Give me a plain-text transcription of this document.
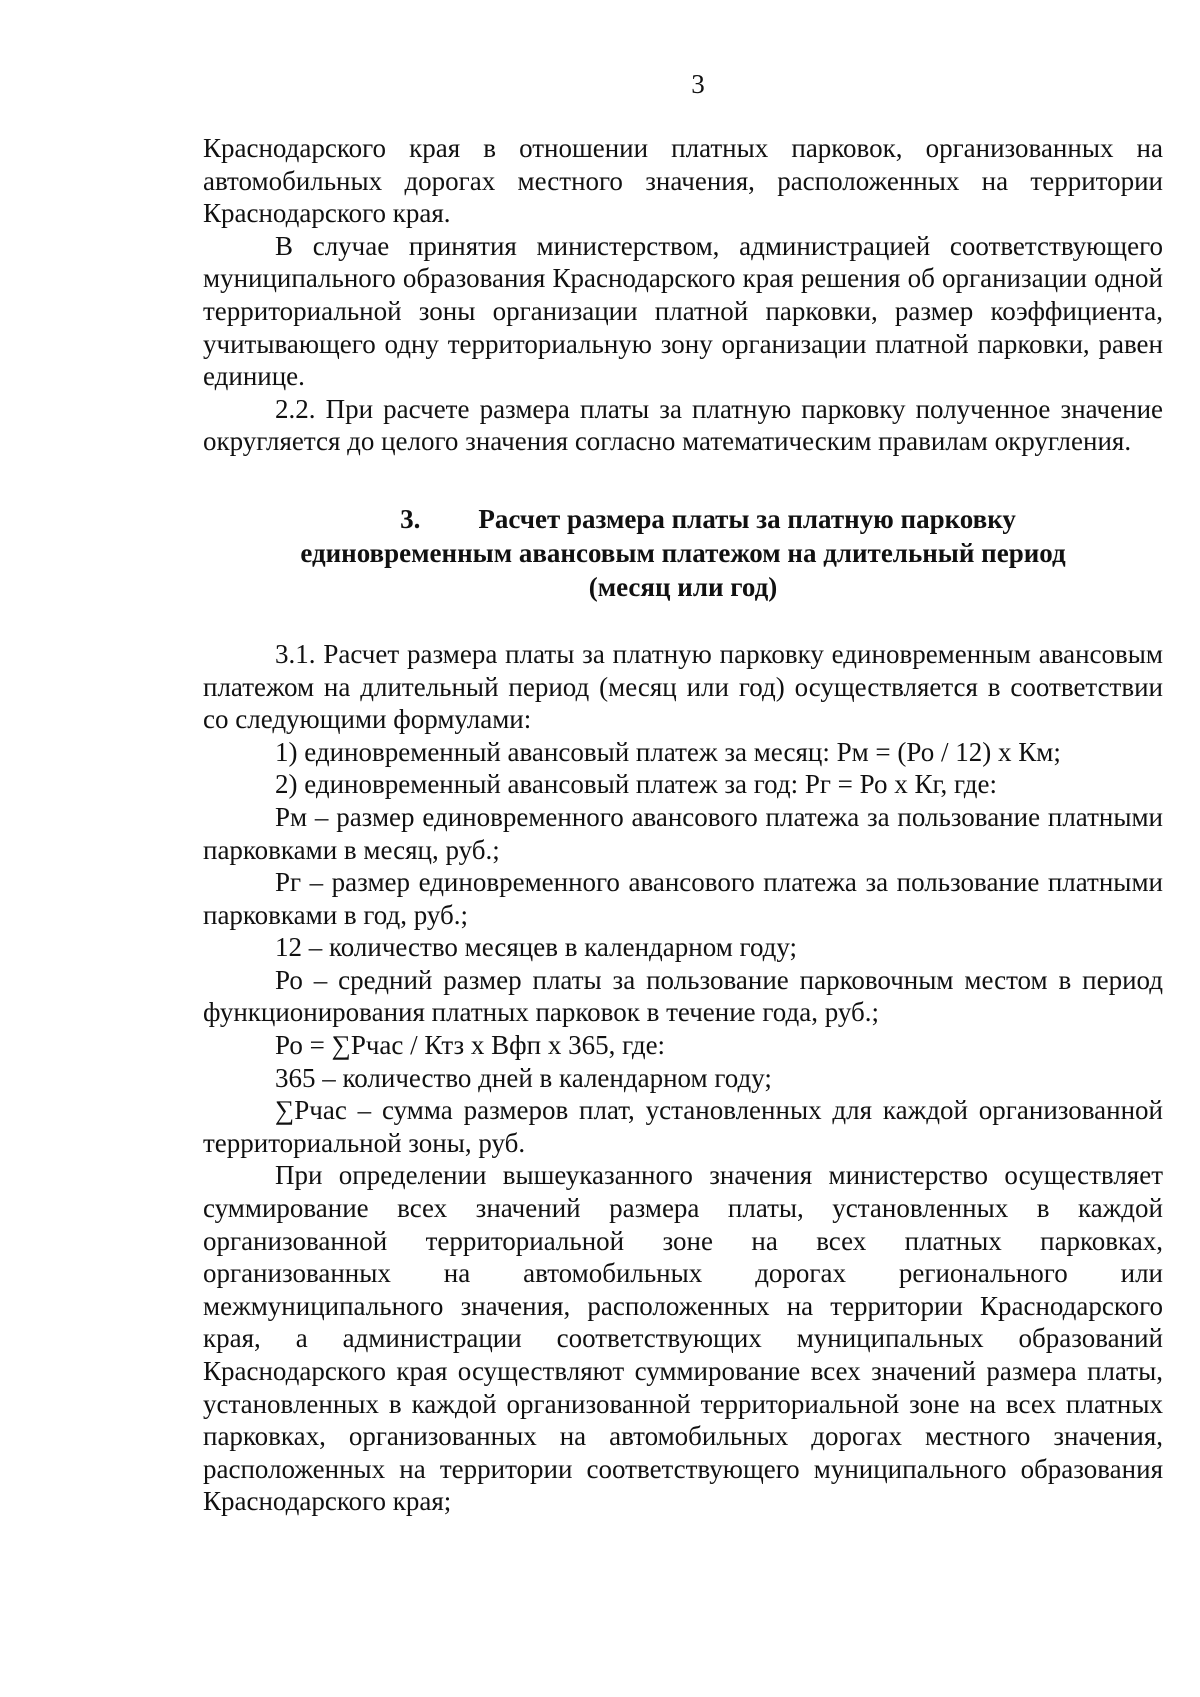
3

Краснодарского края в отношении платных парковок, организованных на автомобильных дорогах местного значения, расположенных на территории Краснодарского края.

В случае принятия министерством, администрацией соответствующего муниципального образования Краснодарского края решения об организации одной территориальной зоны организации платной парковки, размер коэффициента, учитывающего одну территориальную зону организации платной парковки, равен единице.

2.2. При расчете размера платы за платную парковку полученное значение округляется до целого значения согласно математическим правилам округления.

3. Расчет размера платы за платную парковку
единовременным авансовым платежом на длительный период
(месяц или год)

3.1. Расчет размера платы за платную парковку единовременным авансовым платежом на длительный период (месяц или год) осуществляется в соответствии со следующими формулами:

1) единовременный авансовый платеж за месяц: Рм = (Ро / 12) х Км;

2) единовременный авансовый платеж за год: Рг = Ро х Кг, где:

Рм – размер единовременного авансового платежа за пользование платными парковками в месяц, руб.;

Рг – размер единовременного авансового платежа за пользование платными парковками в год, руб.;

12 – количество месяцев в календарном году;

Ро – средний размер платы за пользование парковочным местом в период функционирования платных парковок в течение года, руб.;

Ро = ∑Рчас / Ктз х Вфп х 365, где:

365 – количество дней в календарном году;

∑Рчас – сумма размеров плат, установленных для каждой организованной территориальной зоны, руб.

При определении вышеуказанного значения министерство осуществляет суммирование всех значений размера платы, установленных в каждой организованной территориальной зоне на всех платных парковках, организованных на автомобильных дорогах регионального или межмуниципального значения, расположенных на территории Краснодарского края, а администрации соответствующих муниципальных образований Краснодарского края осуществляют суммирование всех значений размера платы, установленных в каждой организованной территориальной зоне на всех платных парковках, организованных на автомобильных дорогах местного значения, расположенных на территории соответствующего муниципального образования Краснодарского края;
